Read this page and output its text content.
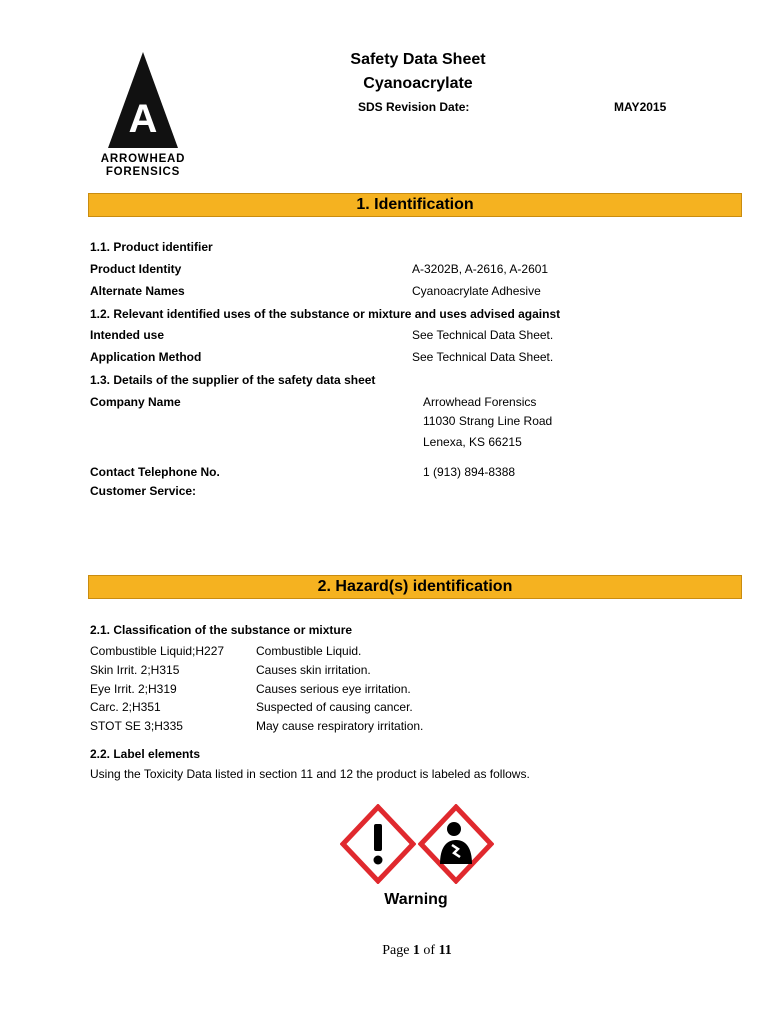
A
ARROWHEAD
FORENSICS
Safety Data Sheet
Cyanoacrylate
SDS Revision Date:	MAY2015
1. Identification
1.1. Product identifier
Product Identity	A-3202B, A-2616, A-2601
Alternate Names	Cyanoacrylate Adhesive
1.2. Relevant identified uses of the substance or mixture and uses advised against
Intended use	See Technical Data Sheet.
Application Method	See Technical Data Sheet.
1.3. Details of the supplier of the safety data sheet
Company Name	Arrowhead Forensics
11030 Strang Line Road
Lenexa, KS 66215
Contact Telephone No.	1 (913) 894-8388
Customer Service:
2. Hazard(s) identification
2.1. Classification of the substance or mixture
Combustible Liquid;H227	Combustible Liquid.
Skin Irrit. 2;H315	Causes skin irritation.
Eye Irrit. 2;H319	Causes serious eye irritation.
Carc. 2;H351	Suspected of causing cancer.
STOT SE 3;H335	May cause respiratory irritation.
2.2. Label elements
Using the Toxicity Data listed in section 11 and 12 the product is labeled as follows.
Warning
Page 1 of 11
